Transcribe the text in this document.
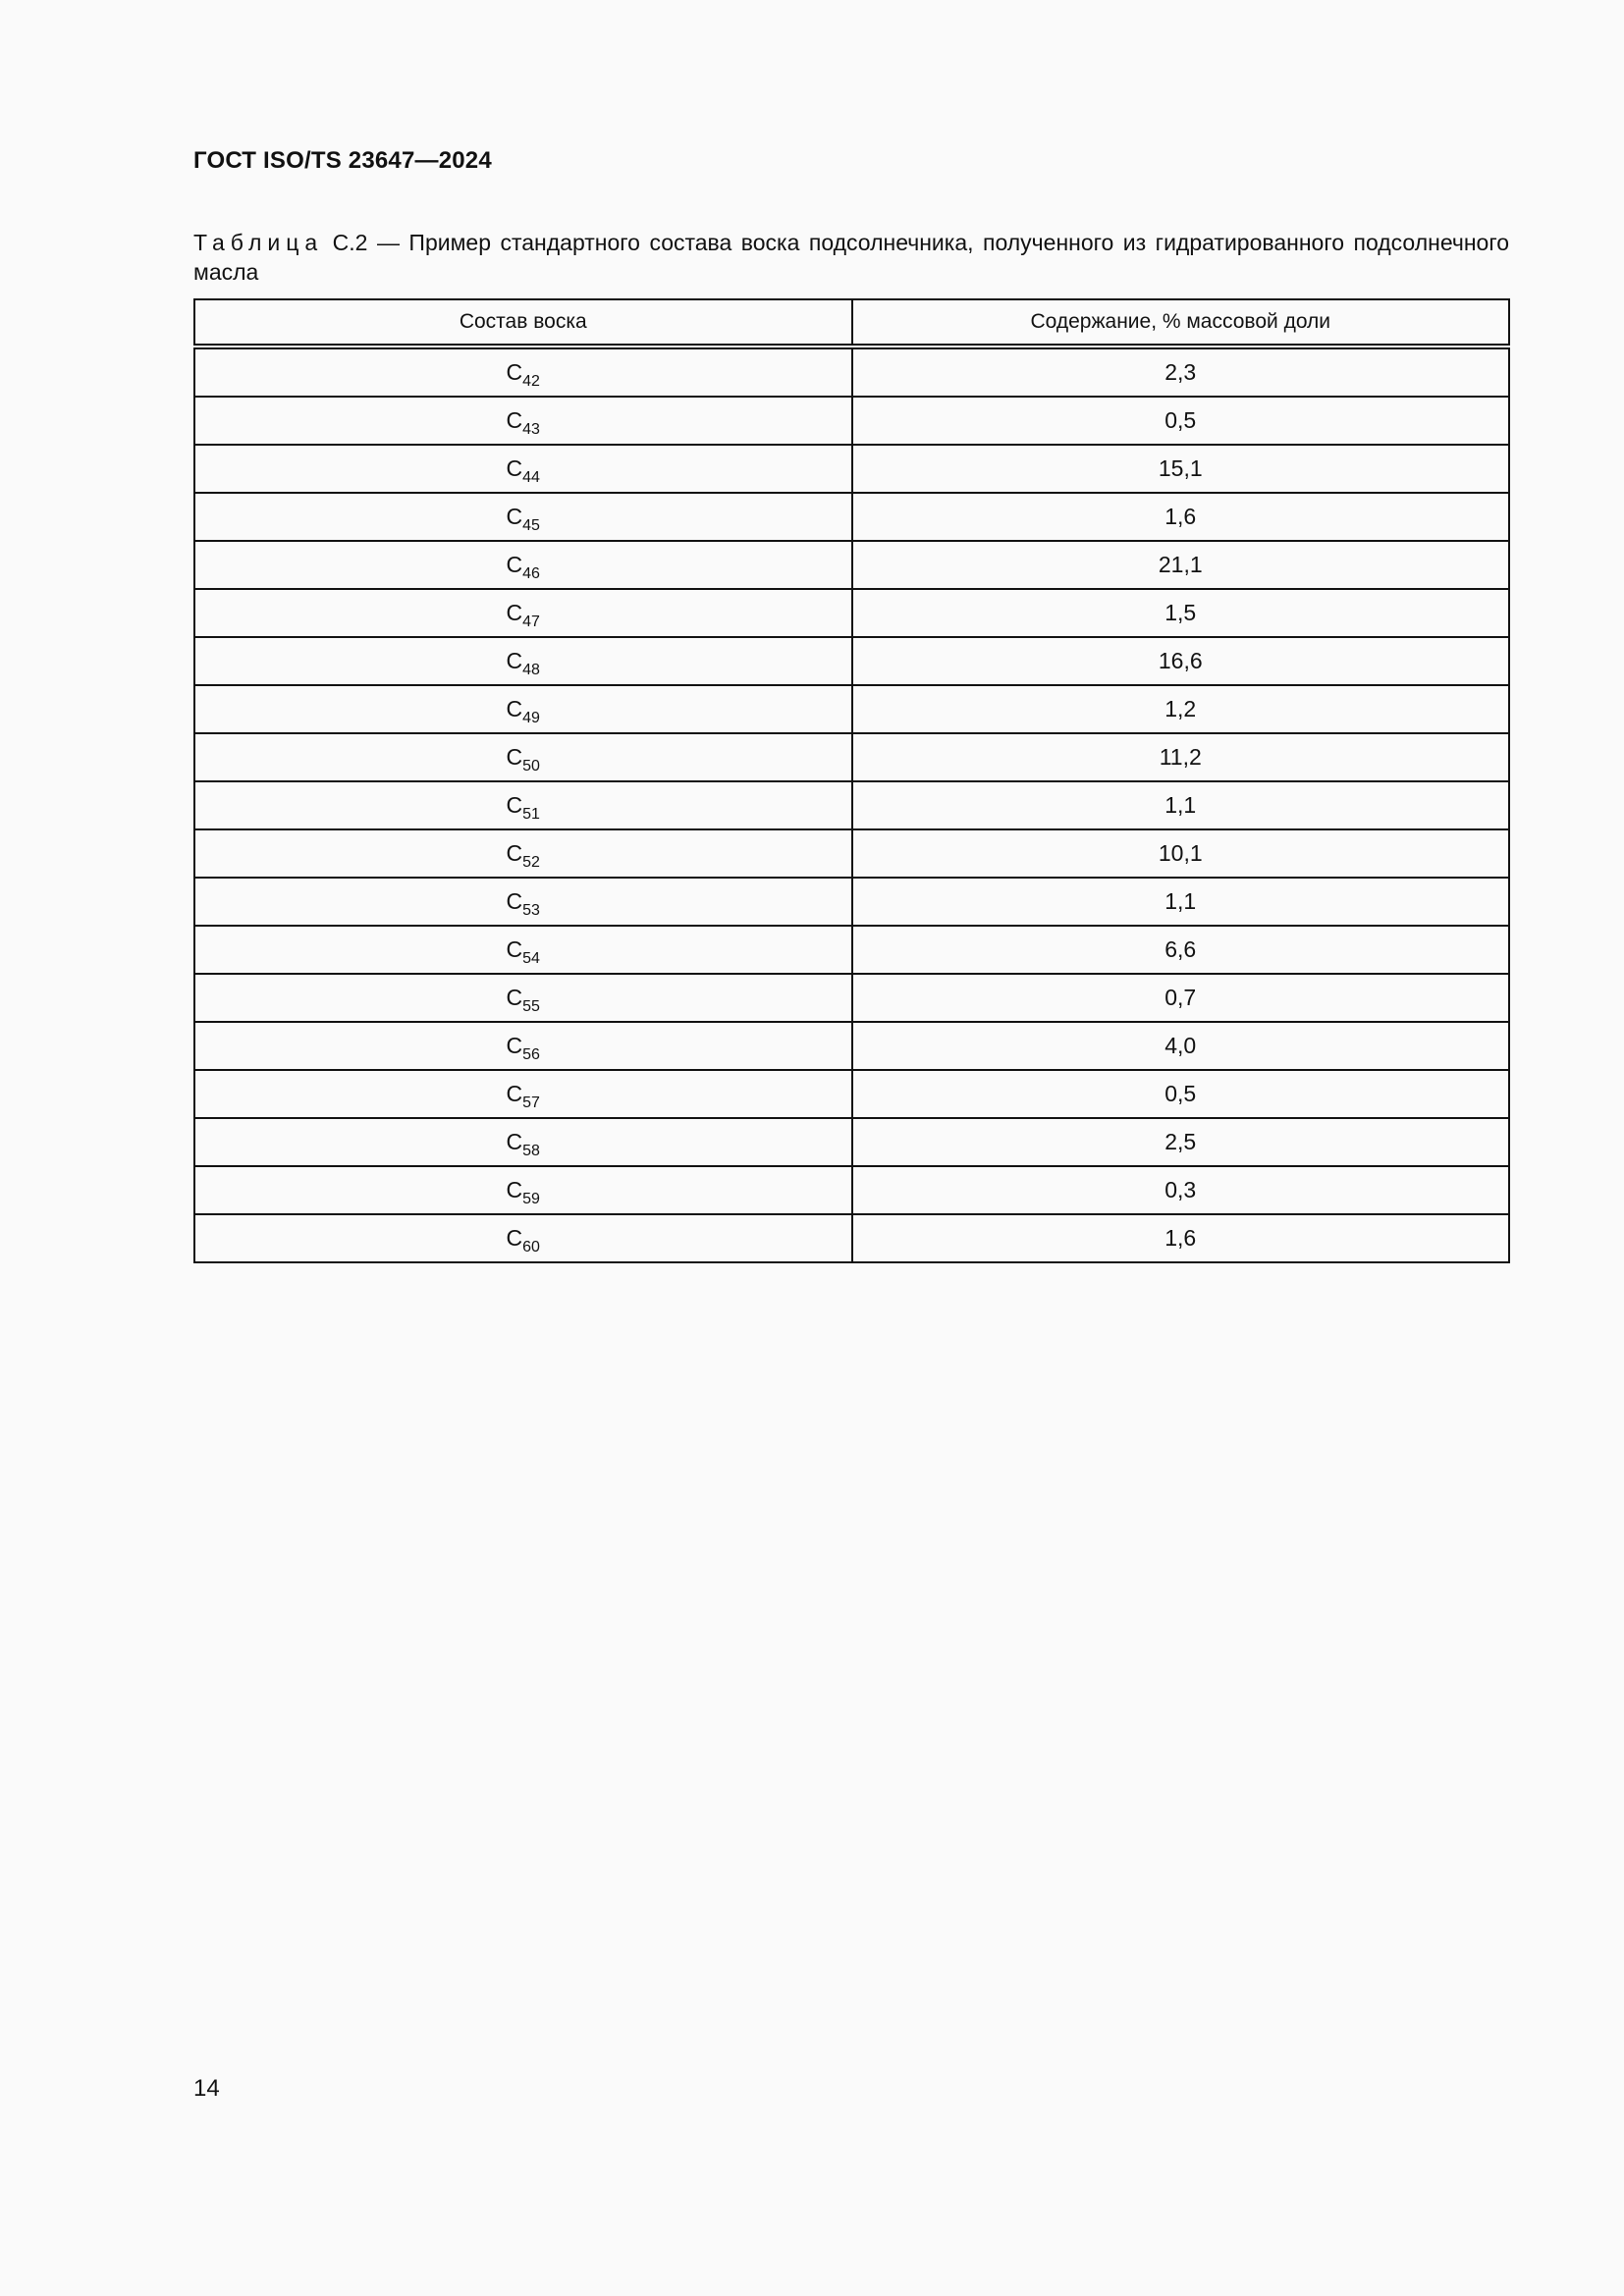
ГОСТ ISO/TS 23647—2024
Таблица С.2 — Пример стандартного состава воска подсолнечника, полученного из гидратированного подсолнечного масла
Состав воска	Содержание, % массовой доли
$C_{42}$	2,3
$C_{43}$	0,5
$C_{44}$	15,1
$C_{45}$	1,6
$C_{46}$	21,1
$C_{47}$	1,5
$C_{48}$	16,6
$C_{49}$	1,2
$C_{50}$	11,2
$C_{51}$	1,1
$C_{52}$	10,1
$C_{53}$	1,1
$C_{54}$	6,6
$C_{55}$	0,7
$C_{56}$	4,0
$C_{57}$	0,5
$C_{58}$	2,5
$C_{59}$	0,3
$C_{60}$	1,6
14
